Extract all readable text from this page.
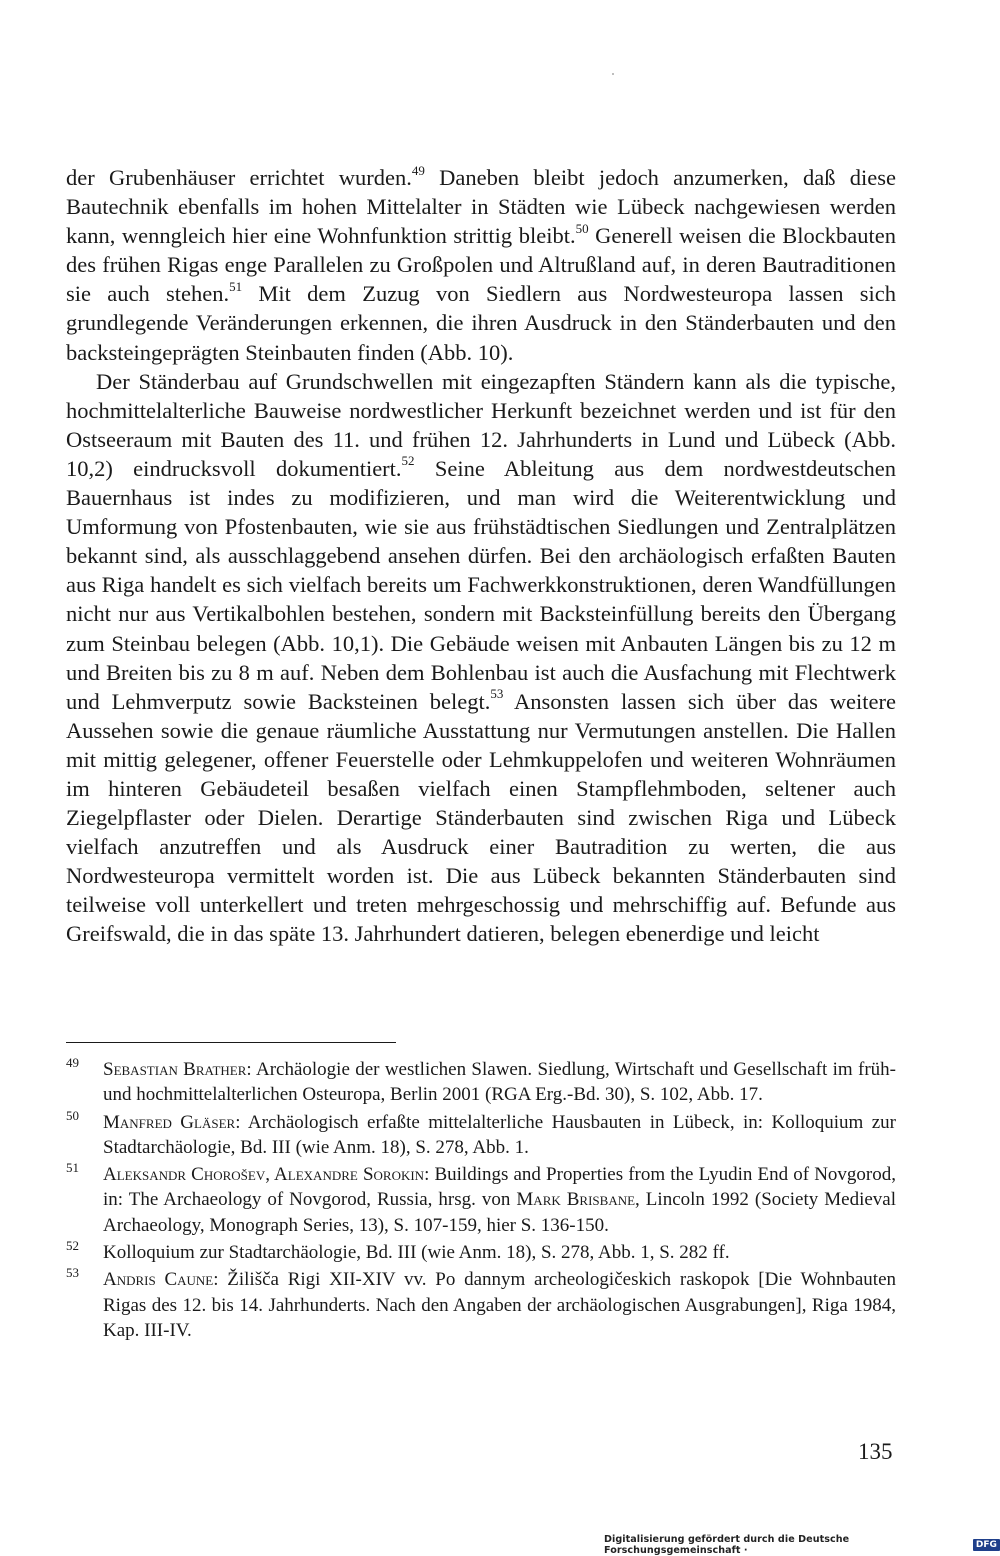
der Grubenhäuser errichtet wurden.$^{49}$ Daneben bleibt jedoch anzumerken, daß diese Bautechnik ebenfalls im hohen Mittelalter in Städten wie Lübeck nachgewiesen werden kann, wenngleich hier eine Wohnfunktion strittig bleibt.$^{50}$ Generell weisen die Blockbauten des frühen Rigas enge Parallelen zu Großpolen und Altrußland auf, in deren Bautraditionen sie auch stehen.$^{51}$ Mit dem Zuzug von Siedlern aus Nordwesteuropa lassen sich grundlegende Veränderungen erkennen, die ihren Ausdruck in den Ständerbauten und den backsteingeprägten Steinbauten finden (Abb. 10).

Der Ständerbau auf Grundschwellen mit eingezapften Ständern kann als die typische, hochmittelalterliche Bauweise nordwestlicher Herkunft bezeichnet werden und ist für den Ostseeraum mit Bauten des 11. und frühen 12. Jahrhunderts in Lund und Lübeck (Abb. 10,2) eindrucksvoll dokumentiert.$^{52}$ Seine Ableitung aus dem nordwestdeutschen Bauernhaus ist indes zu modifizieren, und man wird die Weiterentwicklung und Umformung von Pfostenbauten, wie sie aus frühstädtischen Siedlungen und Zentralplätzen bekannt sind, als ausschlaggebend ansehen dürfen. Bei den archäologisch erfaßten Bauten aus Riga handelt es sich vielfach bereits um Fachwerkkonstruktionen, deren Wandfüllungen nicht nur aus Vertikalbohlen bestehen, sondern mit Backsteinfüllung bereits den Übergang zum Steinbau belegen (Abb. 10,1). Die Gebäude weisen mit Anbauten Längen bis zu 12 m und Breiten bis zu 8 m auf. Neben dem Bohlenbau ist auch die Ausfachung mit Flechtwerk und Lehmverputz sowie Backsteinen belegt.$^{53}$ Ansonsten lassen sich über das weitere Aussehen sowie die genaue räumliche Ausstattung nur Vermutungen anstellen. Die Hallen mit mittig gelegener, offener Feuerstelle oder Lehmkuppelofen und weiteren Wohnräumen im hinteren Gebäudeteil besaßen vielfach einen Stampflehmboden, seltener auch Ziegelpflaster oder Dielen. Derartige Ständerbauten sind zwischen Riga und Lübeck vielfach anzutreffen und als Ausdruck einer Bautradition zu werten, die aus Nordwesteuropa vermittelt worden ist. Die aus Lübeck bekannten Ständerbauten sind teilweise voll unterkellert und treten mehrgeschossig und mehrschiffig auf. Befunde aus Greifswald, die in das späte 13. Jahrhundert datieren, belegen ebenerdige und leicht

49 Sebastian Brather: Archäologie der westlichen Slawen. Siedlung, Wirtschaft und Gesellschaft im früh- und hochmittelalterlichen Osteuropa, Berlin 2001 (RGA Erg.-Bd. 30), S. 102, Abb. 17.
50 Manfred Gläser: Archäologisch erfaßte mittelalterliche Hausbauten in Lübeck, in: Kolloquium zur Stadtarchäologie, Bd. III (wie Anm. 18), S. 278, Abb. 1.
51 Aleksandr Chorošev, Alexandre Sorokin: Buildings and Properties from the Lyudin End of Novgorod, in: The Archaeology of Novgorod, Russia, hrsg. von Mark Brisbane, Lincoln 1992 (Society Medieval Archaeology, Monograph Series, 13), S. 107-159, hier S. 136-150.
52 Kolloquium zur Stadtarchäologie, Bd. III (wie Anm. 18), S. 278, Abb. 1, S. 282 ff.
53 Andris Caune: Žilišča Rigi XII-XIV vv. Po dannym archeologičeskich raskopok [Die Wohnbauten Rigas des 12. bis 14. Jahrhunderts. Nach den Angaben der archäologischen Ausgrabungen], Riga 1984, Kap. III-IV.
135
Digitalisierung gefördert durch die Deutsche Forschungsgemeinschaft ·	DFG
